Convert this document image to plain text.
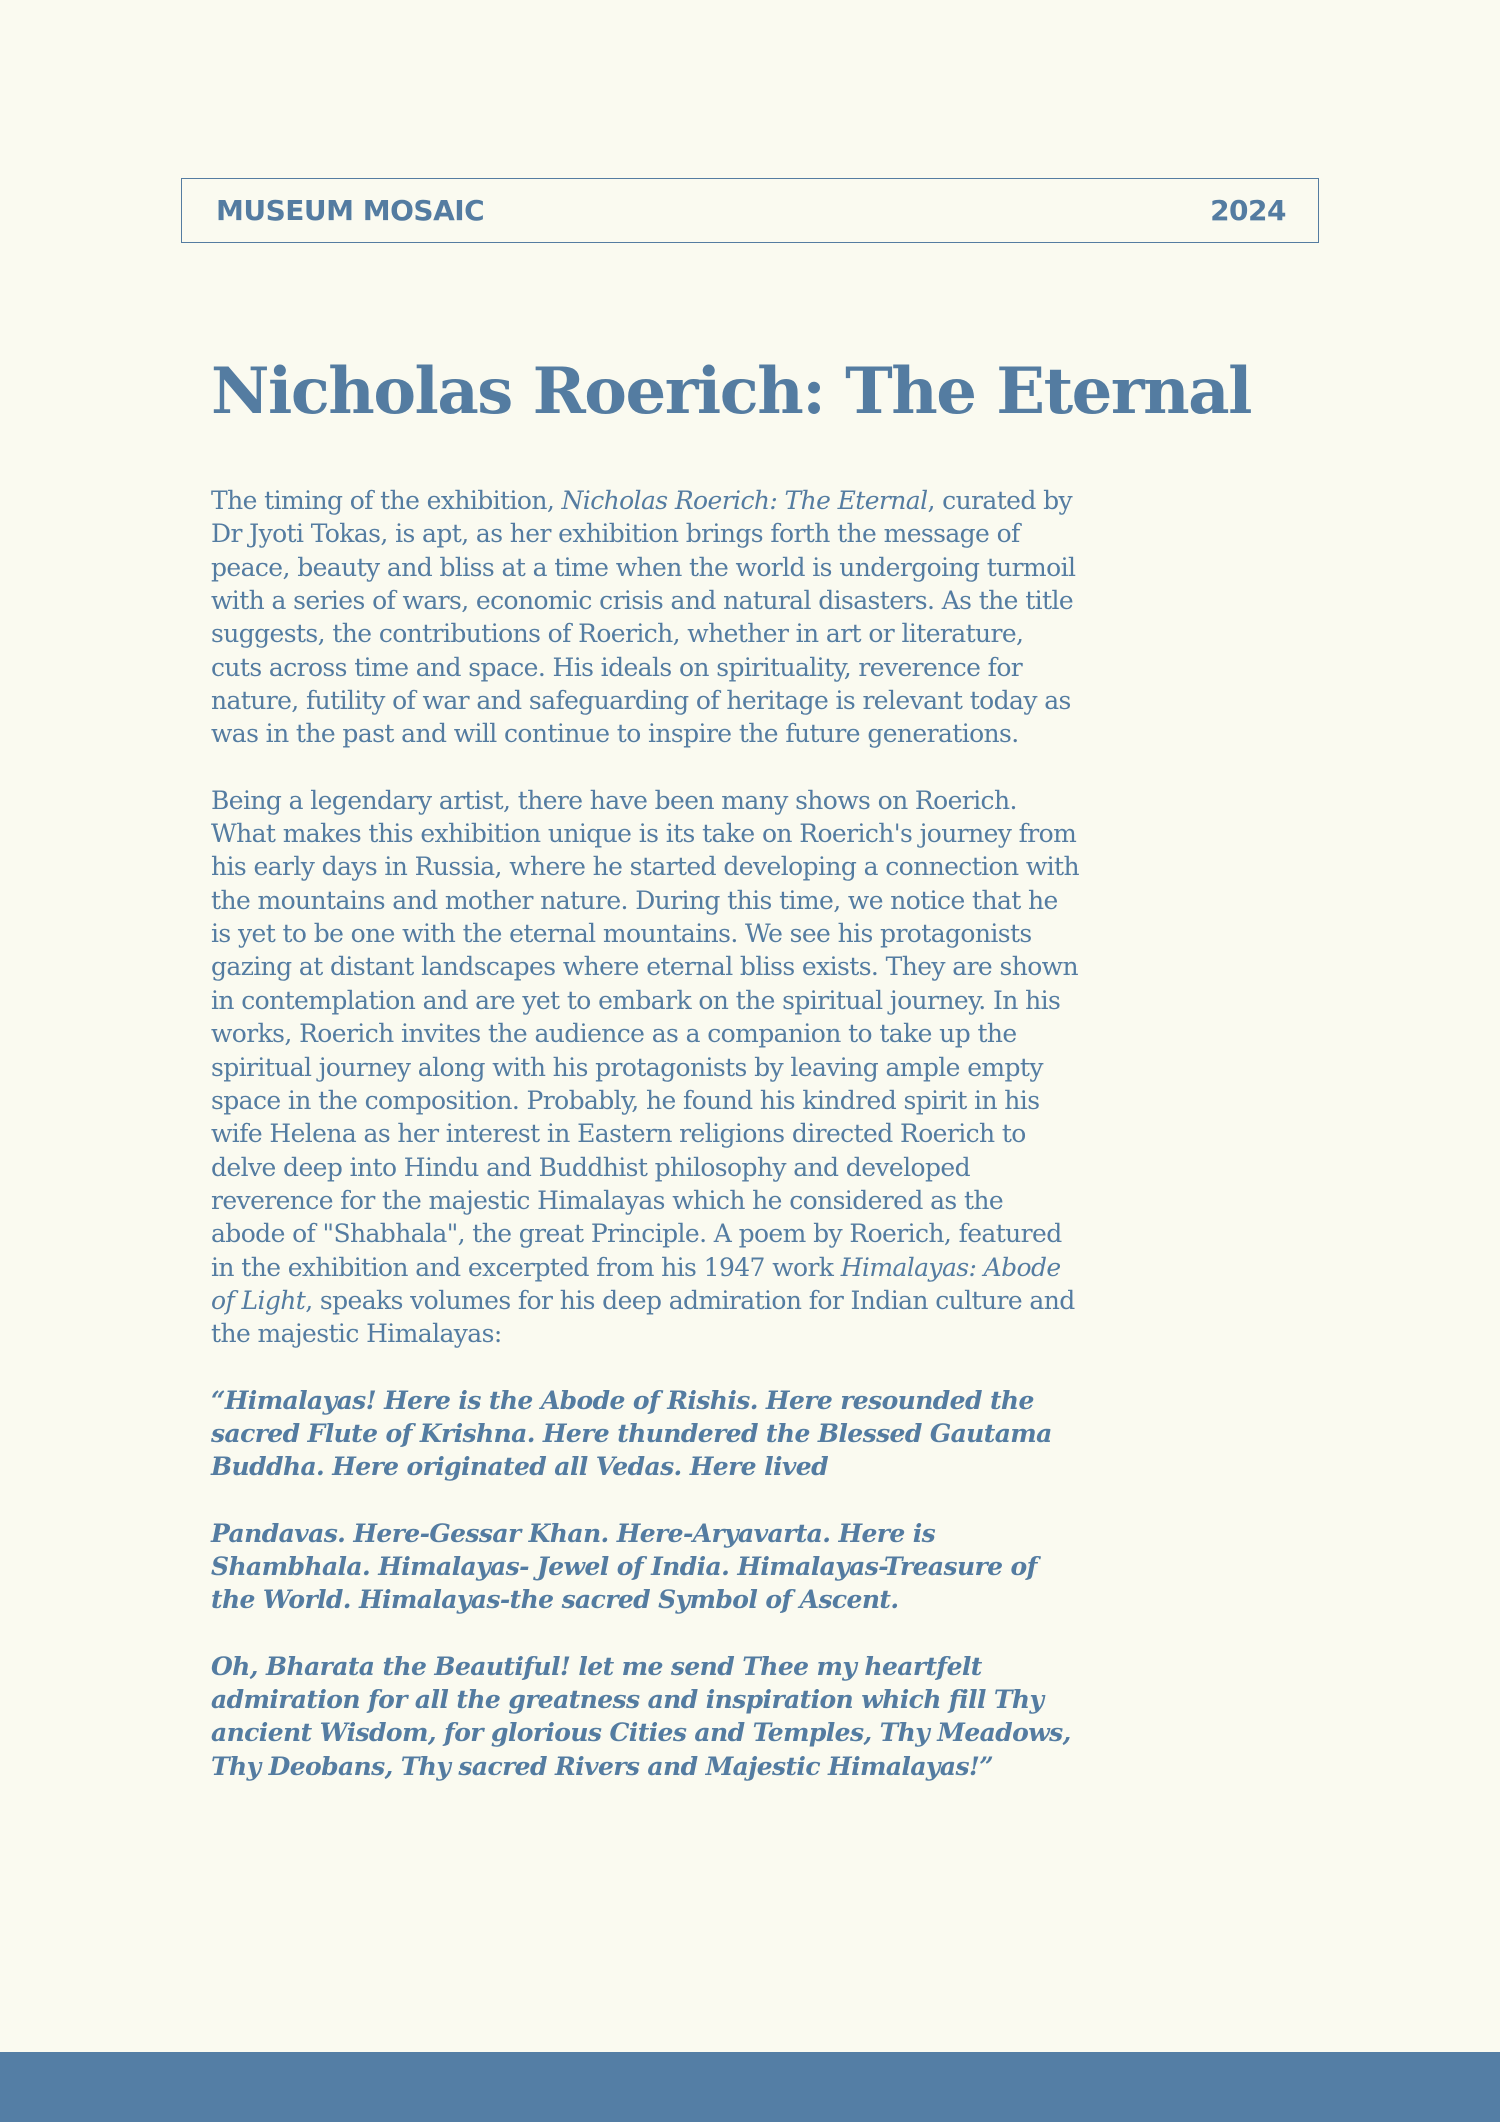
MUSEUM MOSAIC	2024
Nicholas Roerich: The Eternal

The timing of the exhibition, Nicholas Roerich: The Eternal, curated by Dr Jyoti Tokas, is apt, as her exhibition brings forth the message of peace, beauty and bliss at a time when the world is undergoing turmoil with a series of wars, economic crisis and natural disasters. As the title suggests, the contributions of Roerich, whether in art or literature, cuts across time and space. His ideals on spirituality, reverence for nature, futility of war and safeguarding of heritage is relevant today as was in the past and will continue to inspire the future generations.

Being a legendary artist, there have been many shows on Roerich. What makes this exhibition unique is its take on Roerich's journey from his early days in Russia, where he started developing a connection with the mountains and mother nature. During this time, we notice that he is yet to be one with the eternal mountains. We see his protagonists gazing at distant landscapes where eternal bliss exists. They are shown in contemplation and are yet to embark on the spiritual journey. In his works, Roerich invites the audience as a companion to take up the spiritual journey along with his protagonists by leaving ample empty space in the composition. Probably, he found his kindred spirit in his wife Helena as her interest in Eastern religions directed Roerich to delve deep into Hindu and Buddhist philosophy and developed reverence for the majestic Himalayas which he considered as the abode of "Shabhala", the great Principle. A poem by Roerich, featured in the exhibition and excerpted from his 1947 work Himalayas: Abode of Light, speaks volumes for his deep admiration for Indian culture and the majestic Himalayas:

“Himalayas! Here is the Abode of Rishis. Here resounded the sacred Flute of Krishna. Here thundered the Blessed Gautama Buddha. Here originated all Vedas. Here lived

Pandavas. Here-Gessar Khan. Here-Aryavarta. Here is Shambhala. Himalayas- Jewel of India. Himalayas-Treasure of the World. Himalayas-the sacred Symbol of Ascent.

Oh, Bharata the Beautiful! let me send Thee my heartfelt admiration for all the greatness and inspiration which fill Thy ancient Wisdom, for glorious Cities and Temples, Thy Meadows, Thy Deobans, Thy sacred Rivers and Majestic Himalayas!”
